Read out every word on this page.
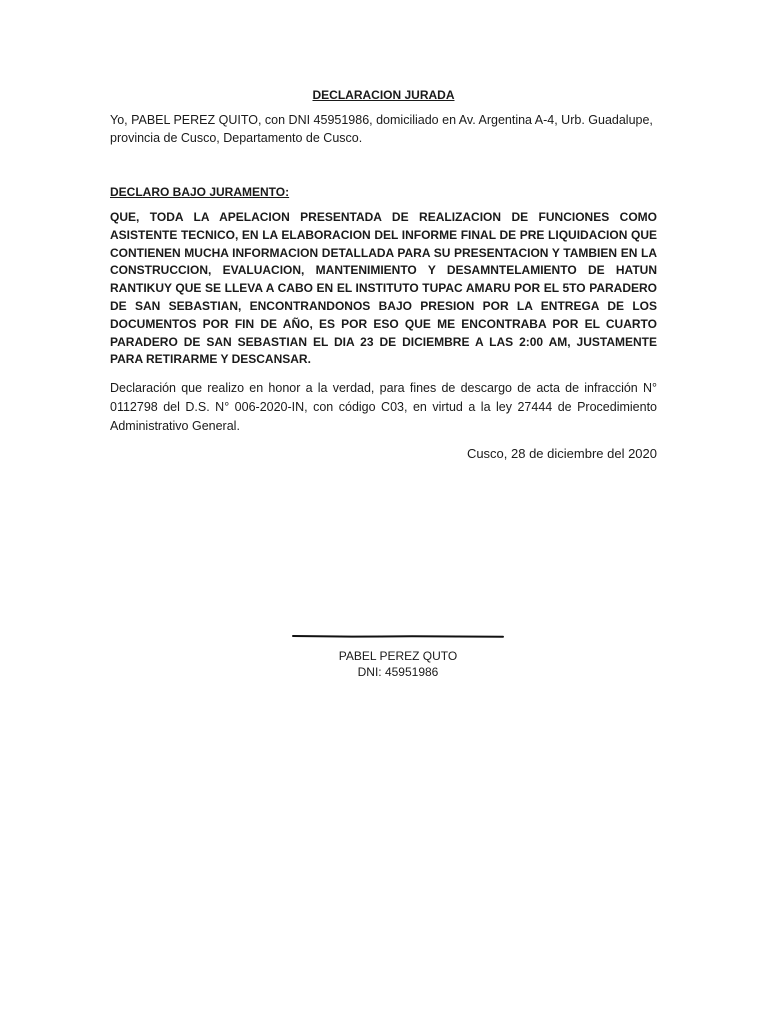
DECLARACION JURADA

Yo, PABEL PEREZ QUITO, con DNI 45951986, domiciliado en Av. Argentina A-4, Urb. Guadalupe, provincia de Cusco, Departamento de Cusco.

DECLARO BAJO JURAMENTO:

QUE, TODA LA APELACION PRESENTADA DE REALIZACION DE FUNCIONES COMO ASISTENTE TECNICO, EN LA ELABORACION DEL INFORME FINAL DE PRE LIQUIDACION QUE CONTIENEN MUCHA INFORMACION DETALLADA PARA SU PRESENTACION Y TAMBIEN EN LA CONSTRUCCION, EVALUACION, MANTENIMIENTO Y DESAMNTELAMIENTO DE HATUN RANTIKUY QUE SE LLEVA A CABO EN EL INSTITUTO TUPAC AMARU POR EL 5TO PARADERO DE SAN SEBASTIAN, ENCONTRANDONOS BAJO PRESION POR LA ENTREGA DE LOS DOCUMENTOS POR FIN DE AÑO, ES POR ESO QUE ME ENCONTRABA POR EL CUARTO PARADERO DE SAN SEBASTIAN EL DIA 23 DE DICIEMBRE A LAS 2:00 AM, JUSTAMENTE PARA RETIRARME Y DESCANSAR.

Declaración que realizo en honor a la verdad, para fines de descargo de acta de infracción N° 0112798 del D.S. N° 006-2020-IN, con código C03, en virtud a la ley 27444 de Procedimiento Administrativo General.

Cusco, 28 de diciembre del 2020

PABEL PEREZ QUTO

DNI: 45951986
